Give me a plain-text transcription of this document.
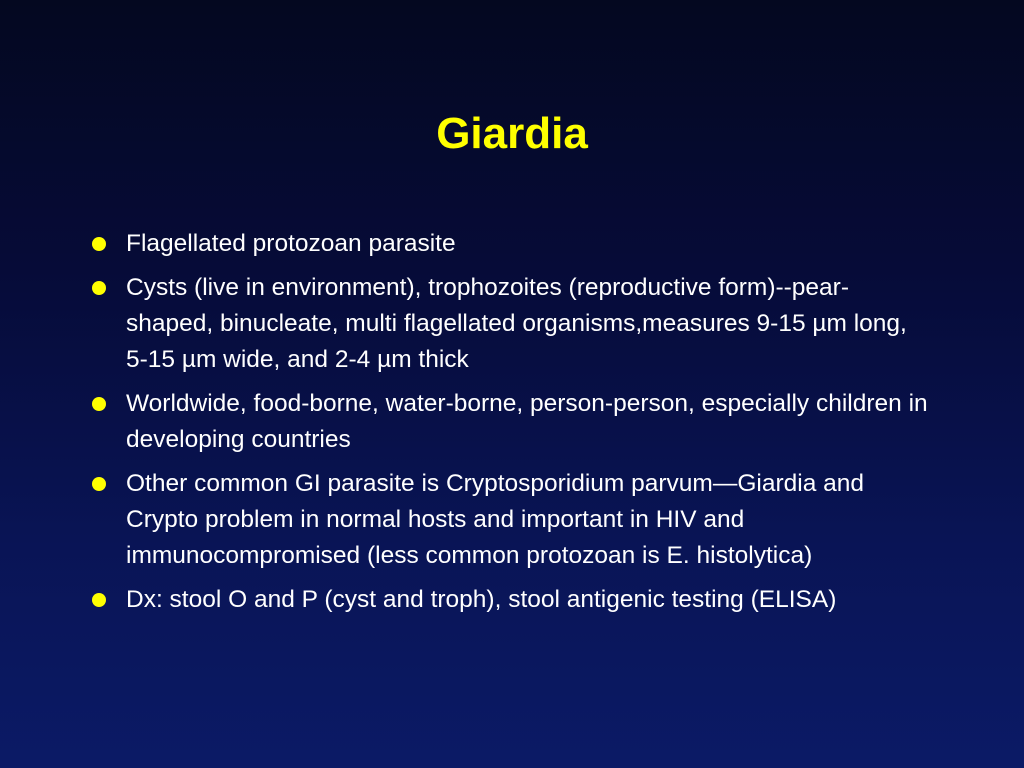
Giardia
Flagellated protozoan parasite
Cysts (live in environment), trophozoites (reproductive form)--pear-shaped, binucleate, multi flagellated organisms,measures 9-15 µm long, 5-15 µm wide, and 2-4 µm thick
Worldwide, food-borne, water-borne, person-person, especially children in developing countries
Other common GI parasite is Cryptosporidium parvum—Giardia and Crypto problem in normal hosts and important in HIV and immunocompromised (less common protozoan is E. histolytica)
Dx: stool O and P (cyst and troph), stool antigenic testing (ELISA)
